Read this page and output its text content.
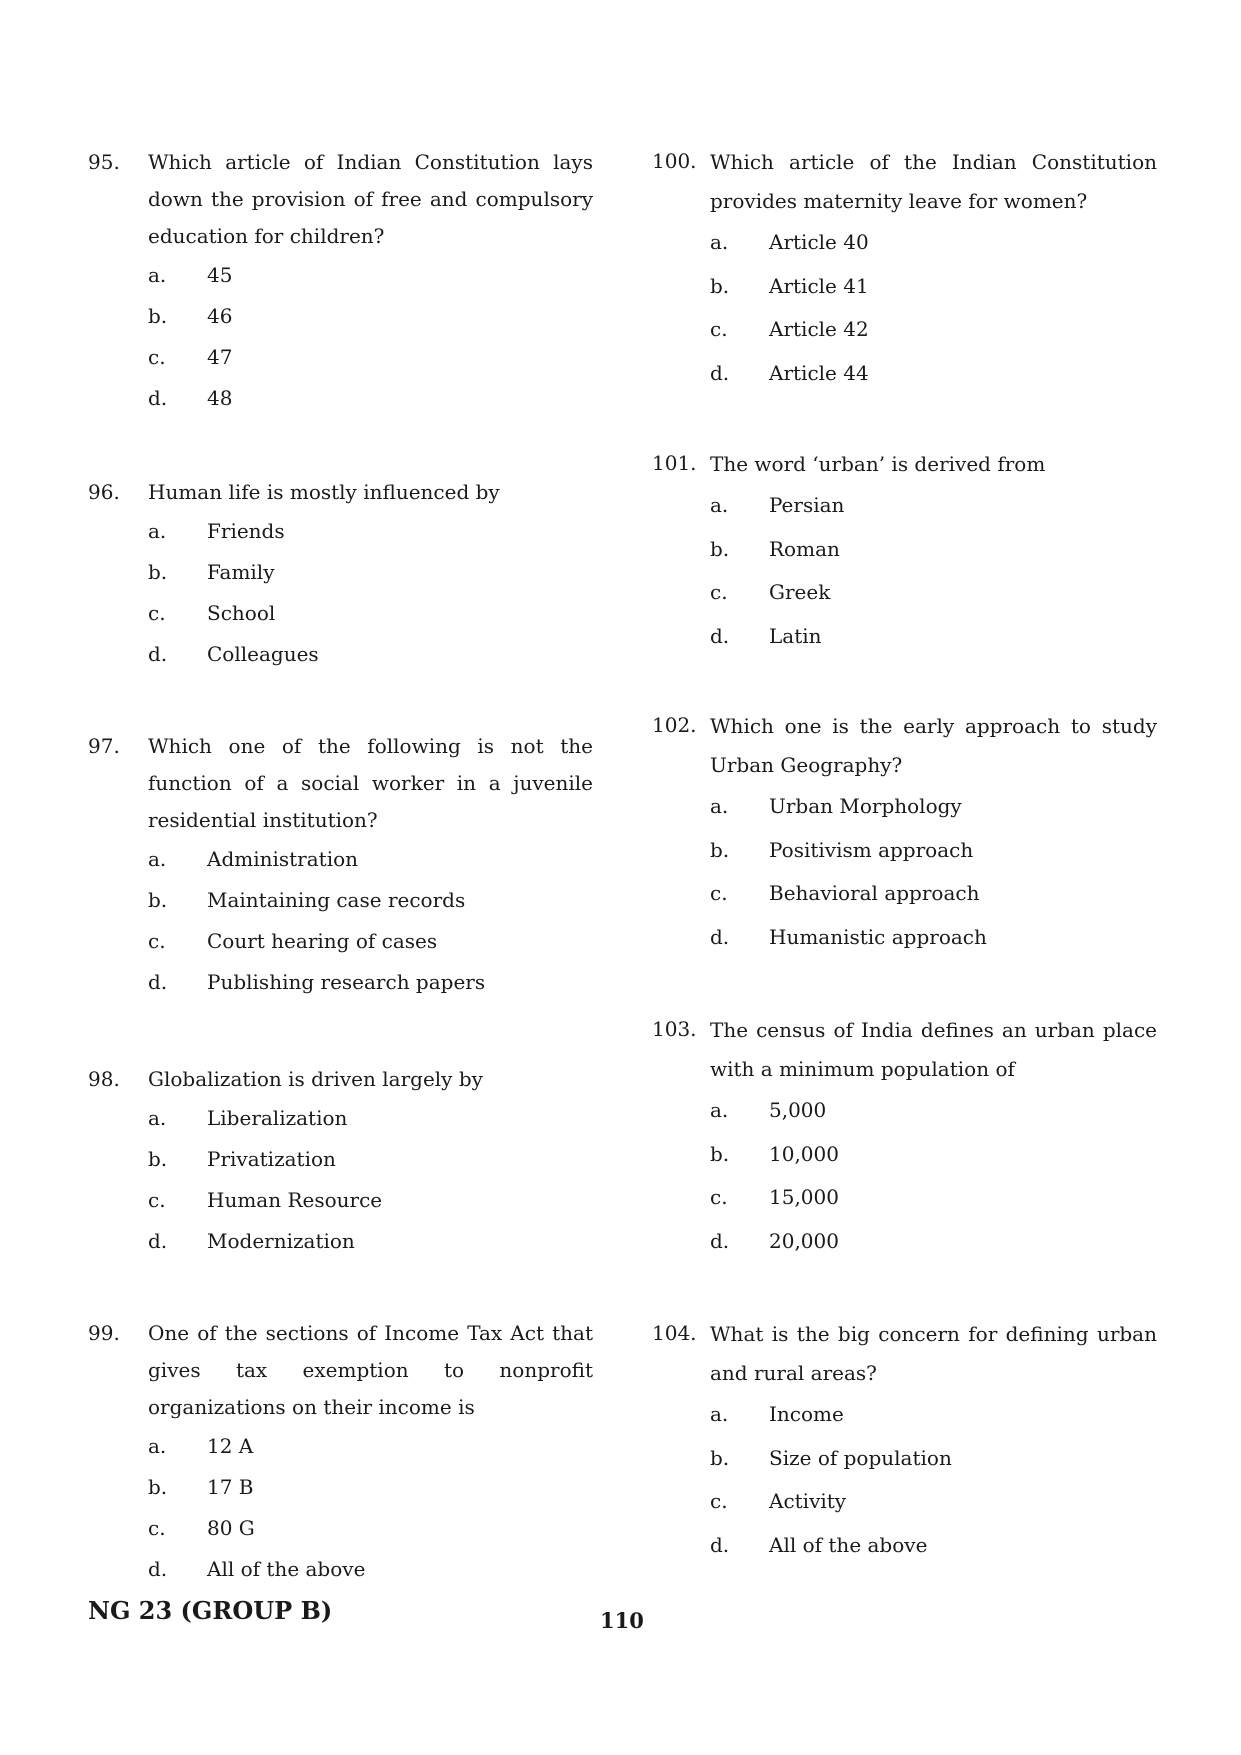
95. Which article of Indian Constitution lays down the provision of free and compulsory education for children?
a. 45
b. 46
c. 47
d. 48
96. Human life is mostly influenced by
a. Friends
b. Family
c. School
d. Colleagues
97. Which one of the following is not the function of a social worker in a juvenile residential institution?
a. Administration
b. Maintaining case records
c. Court hearing of cases
d. Publishing research papers
98. Globalization is driven largely by
a. Liberalization
b. Privatization
c. Human Resource
d. Modernization
99. One of the sections of Income Tax Act that gives tax exemption to nonprofit organizations on their income is
a. 12 A
b. 17 B
c. 80 G
d. All of the above
100. Which article of the Indian Constitution provides maternity leave for women?
a. Article 40
b. Article 41
c. Article 42
d. Article 44
101. The word ‘urban’ is derived from
a. Persian
b. Roman
c. Greek
d. Latin
102. Which one is the early approach to study Urban Geography?
a. Urban Morphology
b. Positivism approach
c. Behavioral approach
d. Humanistic approach
103. The census of India defines an urban place with a minimum population of
a. 5,000
b. 10,000
c. 15,000
d. 20,000
104. What is the big concern for defining urban and rural areas?
a. Income
b. Size of population
c. Activity
d. All of the above
NG 23 (GROUP B)	110
